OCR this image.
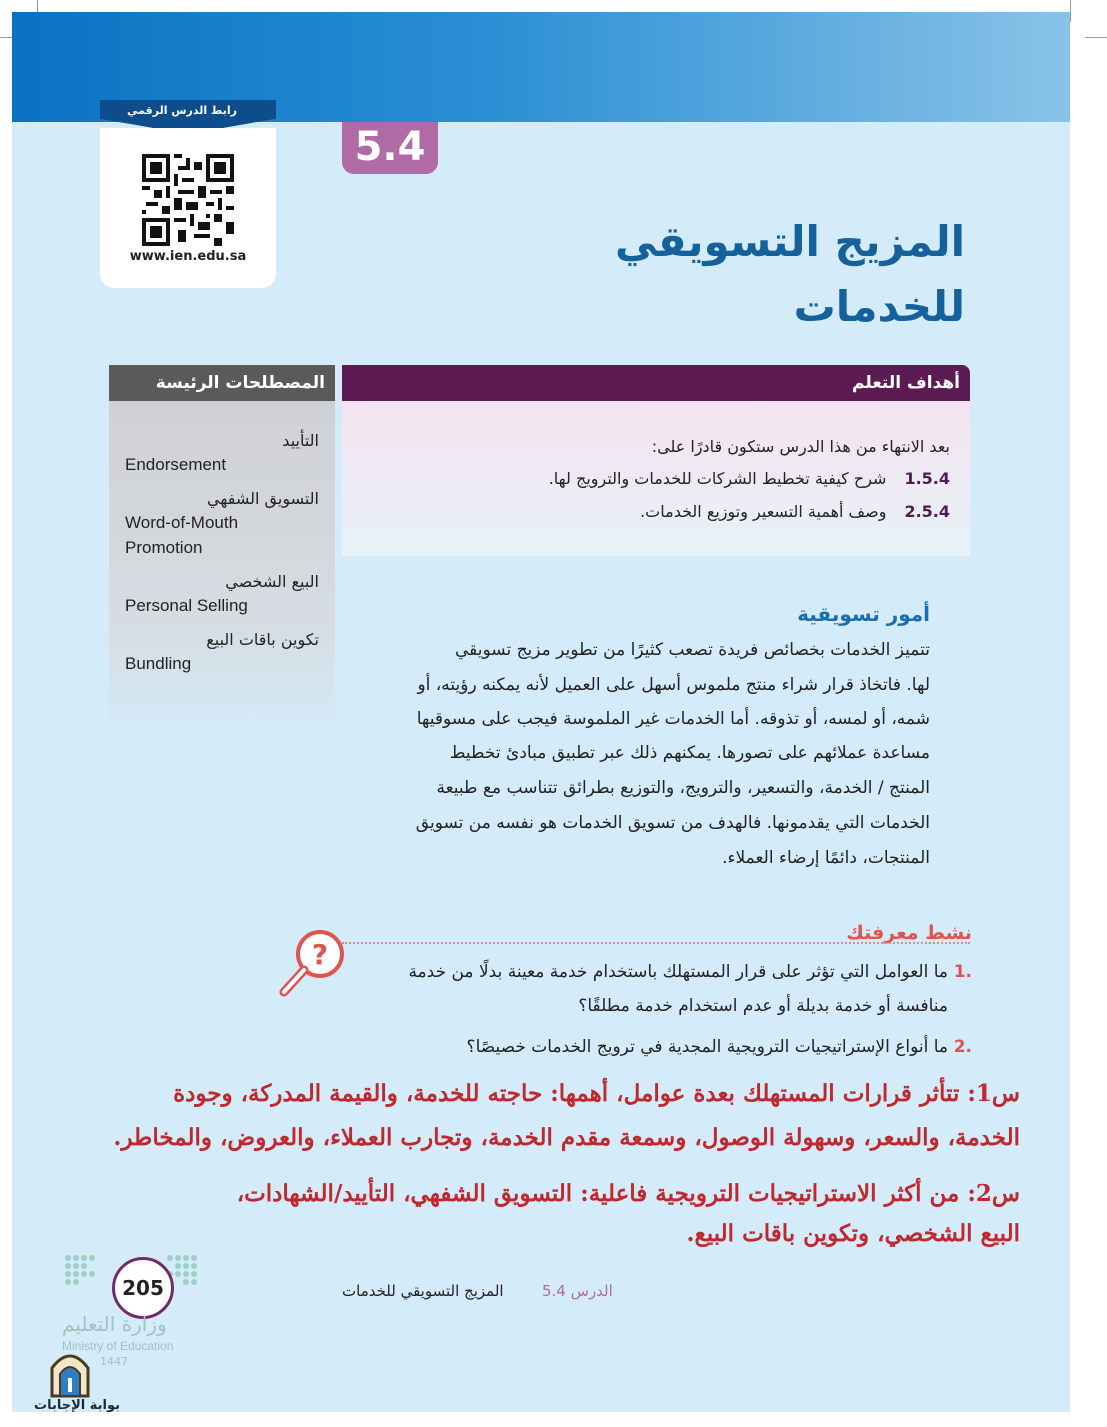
رابط الدرس الرقمي
www.ien.edu.sa
5.4
المزيج التسويقي
للخدمات
أهداف التعلم
بعد الانتهاء من هذا الدرس ستكون قادرًا على:
1.5.4شرح كيفية تخطيط الشركات للخدمات والترويج لها.
2.5.4وصف أهمية التسعير وتوزيع الخدمات.
المصطلحات الرئيسة
التأييد
Endorsement
التسويق الشفهي
Word-of-Mouth
Promotion
البيع الشخصي
Personal Selling
تكوين باقات البيع
Bundling
أمور تسويقية
تتميز الخدمات بخصائص فريدة تصعب كثيرًا من تطوير مزيج تسويقي
لها. فاتخاذ قرار شراء منتج ملموس أسهل على العميل لأنه يمكنه رؤيته، أو
شمه، أو لمسه، أو تذوقه. أما الخدمات غير الملموسة فيجب على مسوقيها
مساعدة عملائهم على تصورها. يمكنهم ذلك عبر تطبيق مبادئ تخطيط
المنتج / الخدمة، والتسعير، والترويج، والتوزيع بطرائق تتناسب مع طبيعة
الخدمات التي يقدمونها. فالهدف من تسويق الخدمات هو نفسه من تسويق
المنتجات، دائمًا إرضاء العملاء.
نشط معرفتك
?
.1
ما العوامل التي تؤثر على قرار المستهلك باستخدام خدمة معينة بدلًا من خدمة
منافسة أو خدمة بديلة أو عدم استخدام خدمة مطلقًا؟
.2
ما أنواع الإستراتيجيات الترويجية المجدية في ترويج الخدمات خصيصًا؟
س1: تتأثر قرارات المستهلك بعدة عوامل، أهمها: حاجته للخدمة، والقيمة المدركة، وجودة
الخدمة، والسعر، وسهولة الوصول، وسمعة مقدم الخدمة، وتجارب العملاء، والعروض، والمخاطر.
س2: من أكثر الاستراتيجيات الترويجية فاعلية: التسويق الشفهي، التأييد/الشهادات،
البيع الشخصي، وتكوين باقات البيع.
205
وزارة التعليم
Ministry of Education
1447
المزيج التسويقي للخدمات	الدرس 5.4
بوابة الإجابات
